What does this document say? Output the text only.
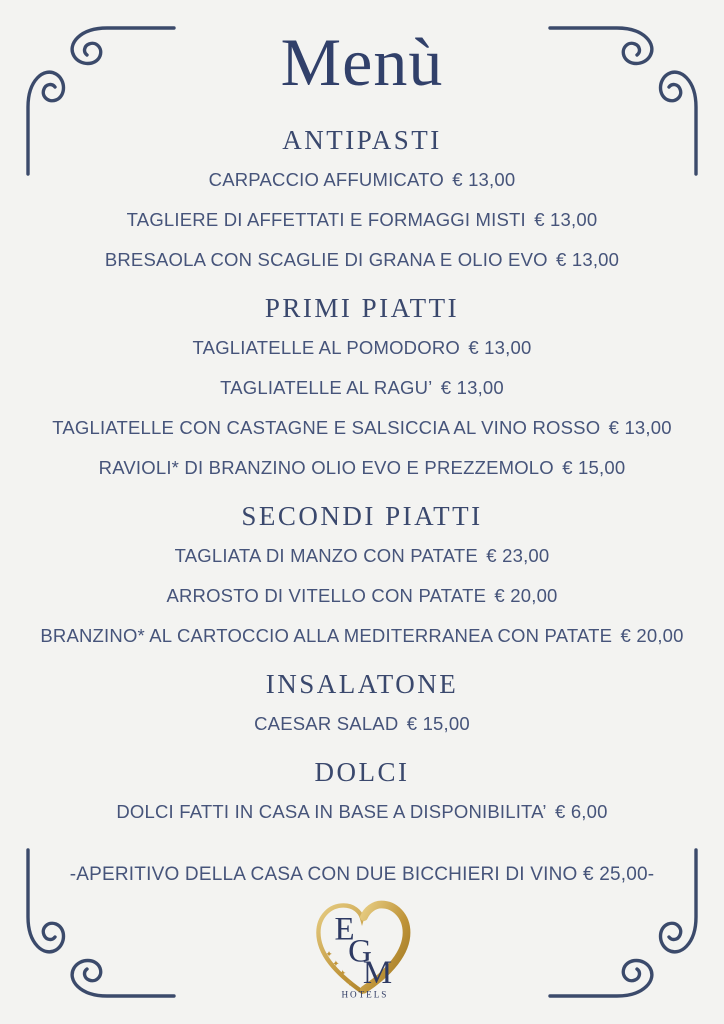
Menù
ANTIPASTI

CARPACCIO AFFUMICATO € 13,00

TAGLIERE DI AFFETTATI E FORMAGGI MISTI € 13,00

BRESAOLA CON SCAGLIE DI GRANA E OLIO EVO € 13,00

PRIMI PIATTI

TAGLIATELLE AL POMODORO € 13,00

TAGLIATELLE AL RAGU’ € 13,00

TAGLIATELLE CON CASTAGNE E SALSICCIA AL VINO ROSSO € 13,00

RAVIOLI* DI BRANZINO OLIO EVO E PREZZEMOLO € 15,00

SECONDI PIATTI

TAGLIATA DI MANZO CON PATATE € 23,00

ARROSTO DI VITELLO CON PATATE € 20,00

BRANZINO* AL CARTOCCIO ALLA MEDITERRANEA CON PATATE € 20,00

INSALATONE

CAESAR SALAD € 15,00

DOLCI

DOLCI FATTI IN CASA IN BASE A DISPONIBILITA’ € 6,00

-APERITIVO DELLA CASA CON DUE BICCHIERI DI VINO € 25,00-

E
G
M
✦
✦
✦
✦
HOTELS
